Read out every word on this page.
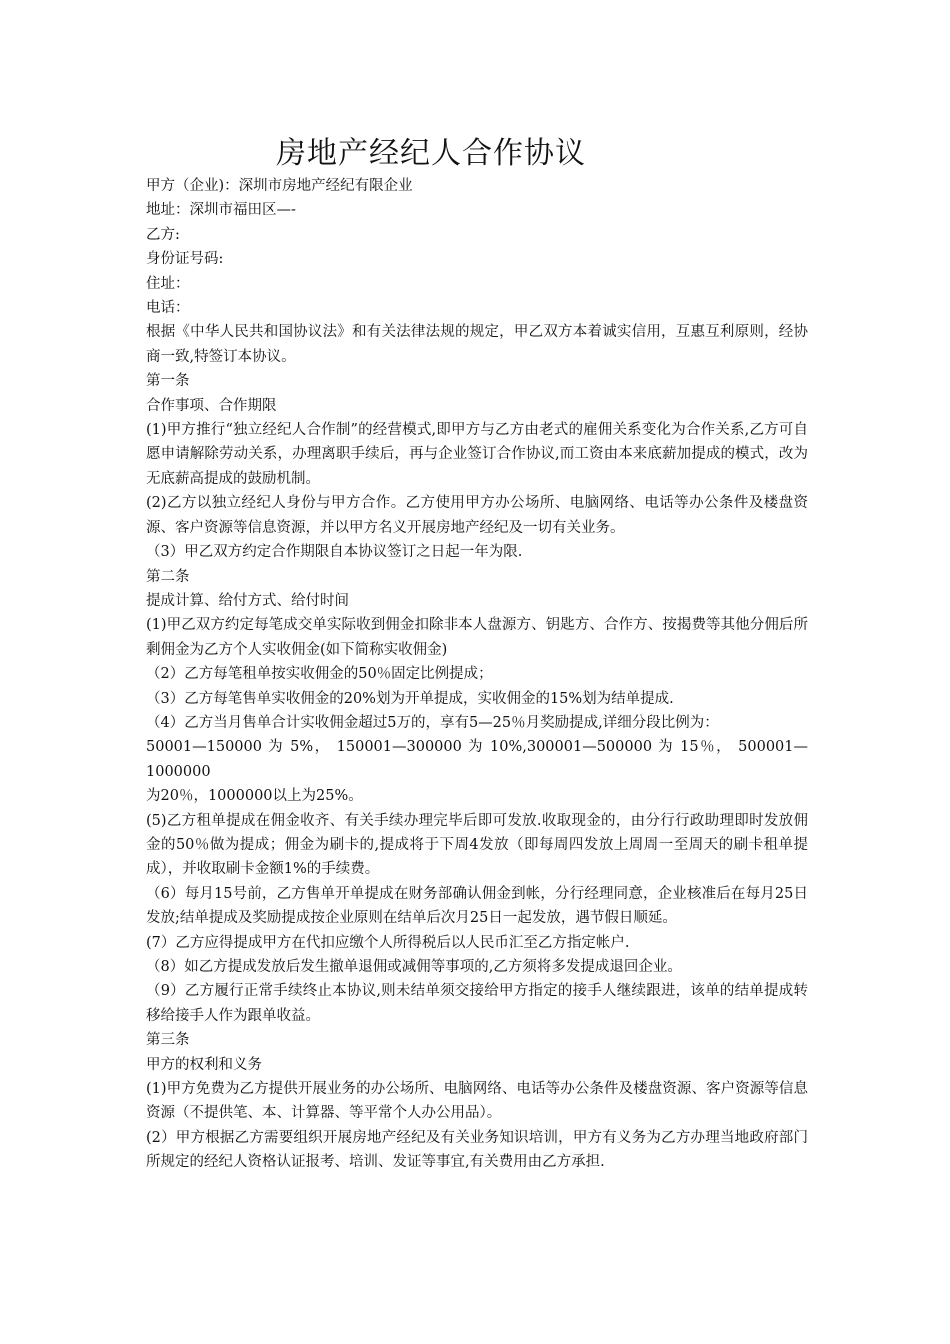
房地产经纪人合作协议

甲方（企业)：深圳市房地产经纪有限企业

地址：深圳市福田区—-

乙方:

身份证号码:

住址：

电话：

根据《中华人民共和国协议法》和有关法律法规的规定，甲乙双方本着诚实信用，互惠互利原则，经协商一致,特签订本协议。

第一条

合作事项、合作期限

(1)甲方推行“独立经纪人合作制”的经营模式,即甲方与乙方由老式的雇佣关系变化为合作关系,乙方可自愿申请解除劳动关系，办理离职手续后，再与企业签订合作协议,而工资由本来底薪加提成的模式，改为无底薪高提成的鼓励机制。

(2)乙方以独立经纪人身份与甲方合作。乙方使用甲方办公场所、电脑网络、电话等办公条件及楼盘资源、客户资源等信息资源，并以甲方名义开展房地产经纪及一切有关业务。

（3）甲乙双方约定合作期限自本协议签订之日起一年为限.

第二条

提成计算、给付方式、给付时间

(1)甲乙双方约定每笔成交单实际收到佣金扣除非本人盘源方、钥匙方、合作方、按揭费等其他分佣后所剩佣金为乙方个人实收佣金(如下简称实收佣金)

（2）乙方每笔租单按实收佣金的50％固定比例提成；

（3）乙方每笔售单实收佣金的20%划为开单提成，实收佣金的15%划为结单提成.

（4）乙方当月售单合计实收佣金超过5万的，享有5—25％月奖励提成,详细分段比例为：

50001—150000 为 5%， 150001—300000 为 10%,300001—500000 为 15％， 500001—

1000000

为20％，1000000以上为25%。

(5)乙方租单提成在佣金收齐、有关手续办理完毕后即可发放.收取现金的，由分行行政助理即时发放佣金的50％做为提成；佣金为刷卡的,提成将于下周4发放（即每周四发放上周周一至周天的刷卡租单提成），并收取刷卡金额1%的手续费。

（6）每月15号前，乙方售单开单提成在财务部确认佣金到帐，分行经理同意，企业核准后在每月25日发放;结单提成及奖励提成按企业原则在结单后次月25日一起发放，遇节假日顺延。

(7）乙方应得提成甲方在代扣应缴个人所得税后以人民币汇至乙方指定帐户.

（8）如乙方提成发放后发生撤单退佣或减佣等事项的,乙方须将多发提成退回企业。

（9）乙方履行正常手续终止本协议,则未结单须交接给甲方指定的接手人继续跟进，该单的结单提成转移给接手人作为跟单收益。

第三条

甲方的权利和义务

(1)甲方免费为乙方提供开展业务的办公场所、电脑网络、电话等办公条件及楼盘资源、客户资源等信息资源（不提供笔、本、计算器、等平常个人办公用品）。

(2）甲方根据乙方需要组织开展房地产经纪及有关业务知识培训，甲方有义务为乙方办理当地政府部门所规定的经纪人资格认证报考、培训、发证等事宜,有关费用由乙方承担.
